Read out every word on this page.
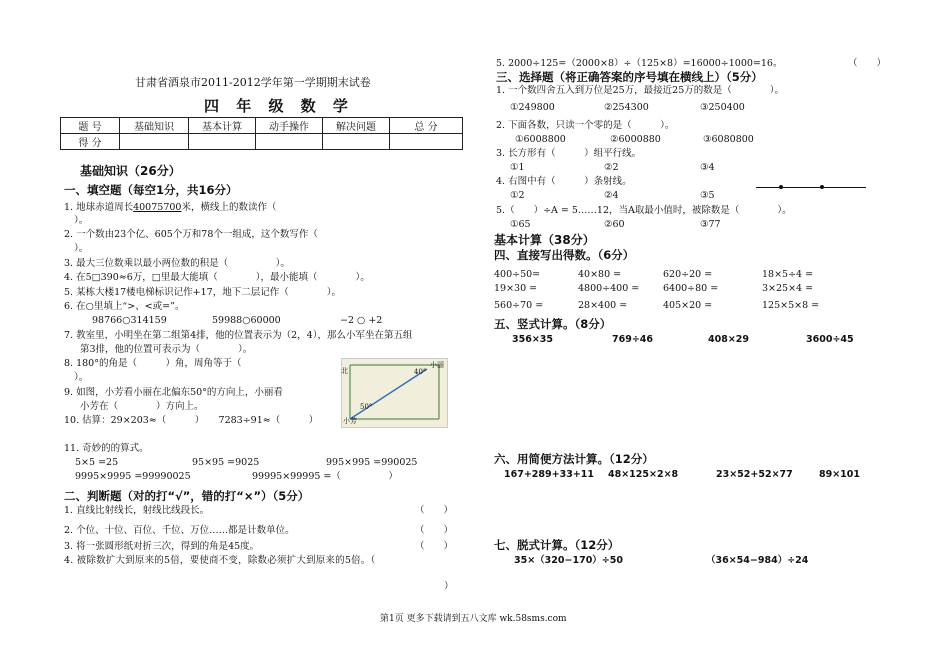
甘肃省酒泉市2011-2012学年第一学期期末试卷
四 年 级 数 学
题 号	基础知识	基本计算	动手操作	解决问题	总 分
得 分					
基础知识（26分）
一、填空题（每空1分，共16分）
1. 地球赤道周长40075700米，横线上的数读作（
）。
2. 一个数由23个亿、605个万和78个一组成，这个数写作（
）。
3. 最大三位数乘以最小两位数的积是（　　　　　）。
4. 在5□390≈6万，□里最大能填（　　　　），最小能填（　　　　）。
5. 某栋大楼17楼电梯标识记作+17，地下二层记作（　　　　）。
6. 在○里填上“>、<或=”。
98766○314159	59988○60000	−2 ○ +2
7. 教室里，小明坐在第二组第4排，他的位置表示为（2，4），那么小军坐在第五组
第3排，他的位置可表示为（　　　　）。
8. 180°的角是（　　　）角，周角等于（
）。
9. 如图，小芳看小丽在北偏东50°的方向上，小丽看
小芳在（　　　　）方向上。
10. 估算：29×203≈（　　　）　　7283÷91≈（　　　）
11. 奇妙的的算式。
5×5 =25	95×95 =9025	995×995 =990025
9995×9995 =99990025	99995×99995 =（　　　　　）
北	40°
小丽
50°
小芳
二、判断题（对的打“√”，错的打“×”）（5分）
1. 直线比射线长，射线比线段长。	（　　）
2. 个位、十位、百位、千位、万位……都是计数单位。	（　　）
3. 将一张圆形纸对折三次，得到的角是45度。	（　　）
4. 被除数扩大到原来的5倍，要使商不变，除数必须扩大到原来的5倍。（
）
5. 2000÷125=（2000×8）÷（125×8）=16000÷1000=16。	（　　）
三、选择题（将正确答案的序号填在横线上）（5分）
1. 一个数四舍五入到万位是25万，最接近25万的数是（　　　　）。
①249800	②254300	③250400
2. 下面各数，只读一个零的是（　　　）。
①6008800	②6000880	③6080800
3. 长方形有（　　　）组平行线。
①1	②2	③4
4. 右图中有（　　　）条射线。
①2	②4	③5
5.（　　）÷A = 5……12，当A取最小值时，被除数是（　　　　）。
①65	②60	③77
基本计算（38分）
四、直接写出得数。（6分）
400÷50=	40×80 =	620÷20 =	18×5÷4 =
19×30 =	4800÷400 =	6400÷80 =	3×25×4 =
560÷70 =	28×400 =	405×20 =	125×5×8 =
五、竖式计算。（8分）
356×35	769÷46	408×29	3600÷45
六、用简便方法计算。（12分）
167+289+33+11 48×125×2×8	23×52+52×77	89×101
七、脱式计算。（12分）
35×（320−170）÷50	（36×54−984）÷24
第1页 更多下载请到五八文库 wk.58sms.com
